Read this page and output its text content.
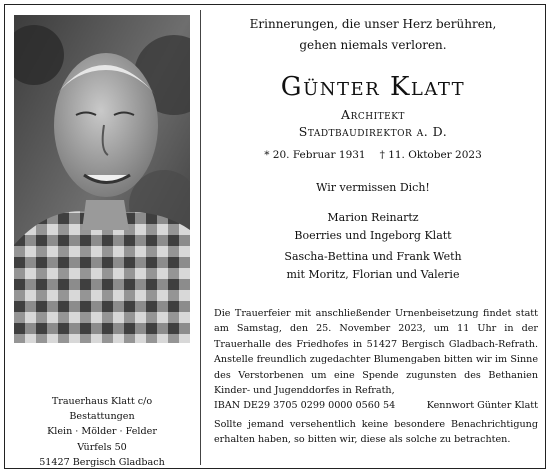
Erinnerungen, die unser Herz berühren,
gehen niemals verloren.
Günter Klatt
Architekt
Stadtbaudirektor a. D.
* 20. Februar 1931 † 11. Oktober 2023
Wir vermissen Dich!
Marion Reinartz
Boerries und Ingeborg Klatt
Sascha-Bettina und Frank Weth
mit Moritz, Florian und Valerie
Die Trauerfeier mit anschließender Urnenbeisetzung findet statt am Samstag, den 25. November 2023, um 11 Uhr in der Trauerhalle des Friedhofes in 51427 Bergisch Gladbach-Refrath. Anstelle freundlich zugedachter Blumengaben bitten wir im Sinne des Verstorbenen um eine Spende zugunsten des Bethanien Kinder- und Jugenddorfes in Refrath,
IBAN DE29 3705 0299 0000 0560 54	Kennwort Günter Klatt
Sollte jemand versehentlich keine besondere Benachrichtigung erhalten haben, so bitten wir, diese als solche zu betrachten.
Trauerhaus Klatt c/o
Bestattungen
Klein · Mölder · Felder
Vürfels 50
51427 Bergisch Gladbach
